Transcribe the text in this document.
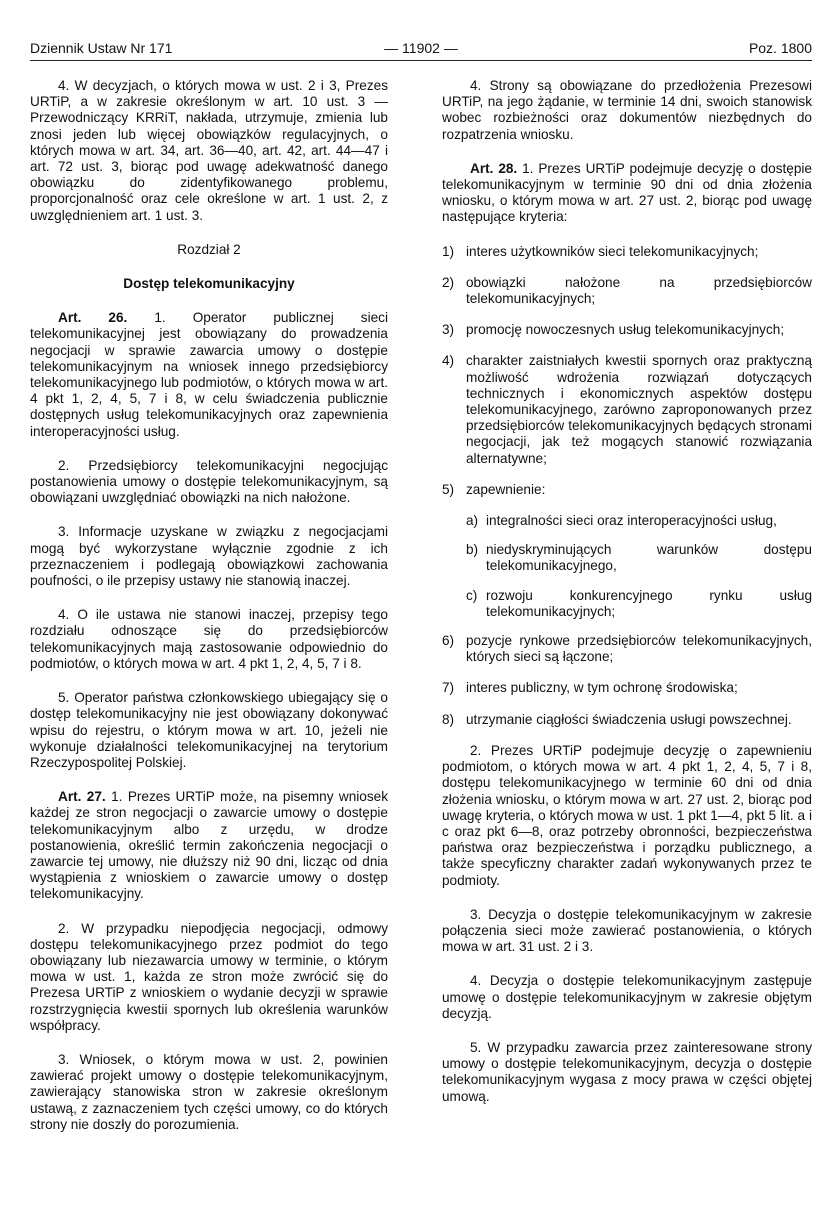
Dziennik Ustaw Nr 171	— 11902 —	Poz. 1800

4. W decyzjach, o których mowa w ust. 2 i 3, Prezes URTiP, a w zakresie określonym w art. 10 ust. 3 — Przewodniczący KRRiT, nakłada, utrzymuje, zmienia lub znosi jeden lub więcej obowiązków regulacyjnych, o których mowa w art. 34, art. 36—40, art. 42, art. 44—47 i art. 72 ust. 3, biorąc pod uwagę adekwatność danego obowiązku do zidentyfikowanego problemu, proporcjonalność oraz cele określone w art. 1 ust. 2, z uwzględnieniem art. 1 ust. 3.

Rozdział 2
Dostęp telekomunikacyjny

Art. 26. 1. Operator publicznej sieci telekomunikacyjnej jest obowiązany do prowadzenia negocjacji w sprawie zawarcia umowy o dostępie telekomunikacyjnym na wniosek innego przedsiębiorcy telekomunikacyjnego lub podmiotów, o których mowa w art. 4 pkt 1, 2, 4, 5, 7 i 8, w celu świadczenia publicznie dostępnych usług telekomunikacyjnych oraz zapewnienia interoperacyjności usług.

2. Przedsiębiorcy telekomunikacyjni negocjując postanowienia umowy o dostępie telekomunikacyjnym, są obowiązani uwzględniać obowiązki na nich nałożone.

3. Informacje uzyskane w związku z negocjacjami mogą być wykorzystane wyłącznie zgodnie z ich przeznaczeniem i podlegają obowiązkowi zachowania poufności, o ile przepisy ustawy nie stanowią inaczej.

4. O ile ustawa nie stanowi inaczej, przepisy tego rozdziału odnoszące się do przedsiębiorców telekomunikacyjnych mają zastosowanie odpowiednio do podmiotów, o których mowa w art. 4 pkt 1, 2, 4, 5, 7 i 8.

5. Operator państwa członkowskiego ubiegający się o dostęp telekomunikacyjny nie jest obowiązany dokonywać wpisu do rejestru, o którym mowa w art. 10, jeżeli nie wykonuje działalności telekomunikacyjnej na terytorium Rzeczypospolitej Polskiej.

Art. 27. 1. Prezes URTiP może, na pisemny wniosek każdej ze stron negocjacji o zawarcie umowy o dostępie telekomunikacyjnym albo z urzędu, w drodze postanowienia, określić termin zakończenia negocjacji o zawarcie tej umowy, nie dłuższy niż 90 dni, licząc od dnia wystąpienia z wnioskiem o zawarcie umowy o dostęp telekomunikacyjny.

2. W przypadku niepodjęcia negocjacji, odmowy dostępu telekomunikacyjnego przez podmiot do tego obowiązany lub niezawarcia umowy w terminie, o którym mowa w ust. 1, każda ze stron może zwrócić się do Prezesa URTiP z wnioskiem o wydanie decyzji w sprawie rozstrzygnięcia kwestii spornych lub określenia warunków współpracy.

3. Wniosek, o którym mowa w ust. 2, powinien zawierać projekt umowy o dostępie telekomunikacyjnym, zawierający stanowiska stron w zakresie określonym ustawą, z zaznaczeniem tych części umowy, co do których strony nie doszły do porozumienia.

4. Strony są obowiązane do przedłożenia Prezesowi URTiP, na jego żądanie, w terminie 14 dni, swoich stanowisk wobec rozbieżności oraz dokumentów niezbędnych do rozpatrzenia wniosku.

Art. 28. 1. Prezes URTiP podejmuje decyzję o dostępie telekomunikacyjnym w terminie 90 dni od dnia złożenia wniosku, o którym mowa w art. 27 ust. 2, biorąc pod uwagę następujące kryteria:

1) interes użytkowników sieci telekomunikacyjnych;
2) obowiązki nałożone na przedsiębiorców telekomunikacyjnych;
3) promocję nowoczesnych usług telekomunikacyjnych;
4) charakter zaistniałych kwestii spornych oraz praktyczną możliwość wdrożenia rozwiązań dotyczących technicznych i ekonomicznych aspektów dostępu telekomunikacyjnego, zarówno zaproponowanych przez przedsiębiorców telekomunikacyjnych będących stronami negocjacji, jak też mogących stanowić rozwiązania alternatywne;
5) zapewnienie:
a) integralności sieci oraz interoperacyjności usług,
b) niedyskryminujących warunków dostępu telekomunikacyjnego,
c) rozwoju konkurencyjnego rynku usług telekomunikacyjnych;
6) pozycje rynkowe przedsiębiorców telekomunikacyjnych, których sieci są łączone;
7) interes publiczny, w tym ochronę środowiska;
8) utrzymanie ciągłości świadczenia usługi powszechnej.

2. Prezes URTiP podejmuje decyzję o zapewnieniu podmiotom, o których mowa w art. 4 pkt 1, 2, 4, 5, 7 i 8, dostępu telekomunikacyjnego w terminie 60 dni od dnia złożenia wniosku, o którym mowa w art. 27 ust. 2, biorąc pod uwagę kryteria, o których mowa w ust. 1 pkt 1—4, pkt 5 lit. a i c oraz pkt 6—8, oraz potrzeby obronności, bezpieczeństwa państwa oraz bezpieczeństwa i porządku publicznego, a także specyficzny charakter zadań wykonywanych przez te podmioty.

3. Decyzja o dostępie telekomunikacyjnym w zakresie połączenia sieci może zawierać postanowienia, o których mowa w art. 31 ust. 2 i 3.

4. Decyzja o dostępie telekomunikacyjnym zastępuje umowę o dostępie telekomunikacyjnym w zakresie objętym decyzją.

5. W przypadku zawarcia przez zainteresowane strony umowy o dostępie telekomunikacyjnym, decyzja o dostępie telekomunikacyjnym wygasa z mocy prawa w części objętej umową.
